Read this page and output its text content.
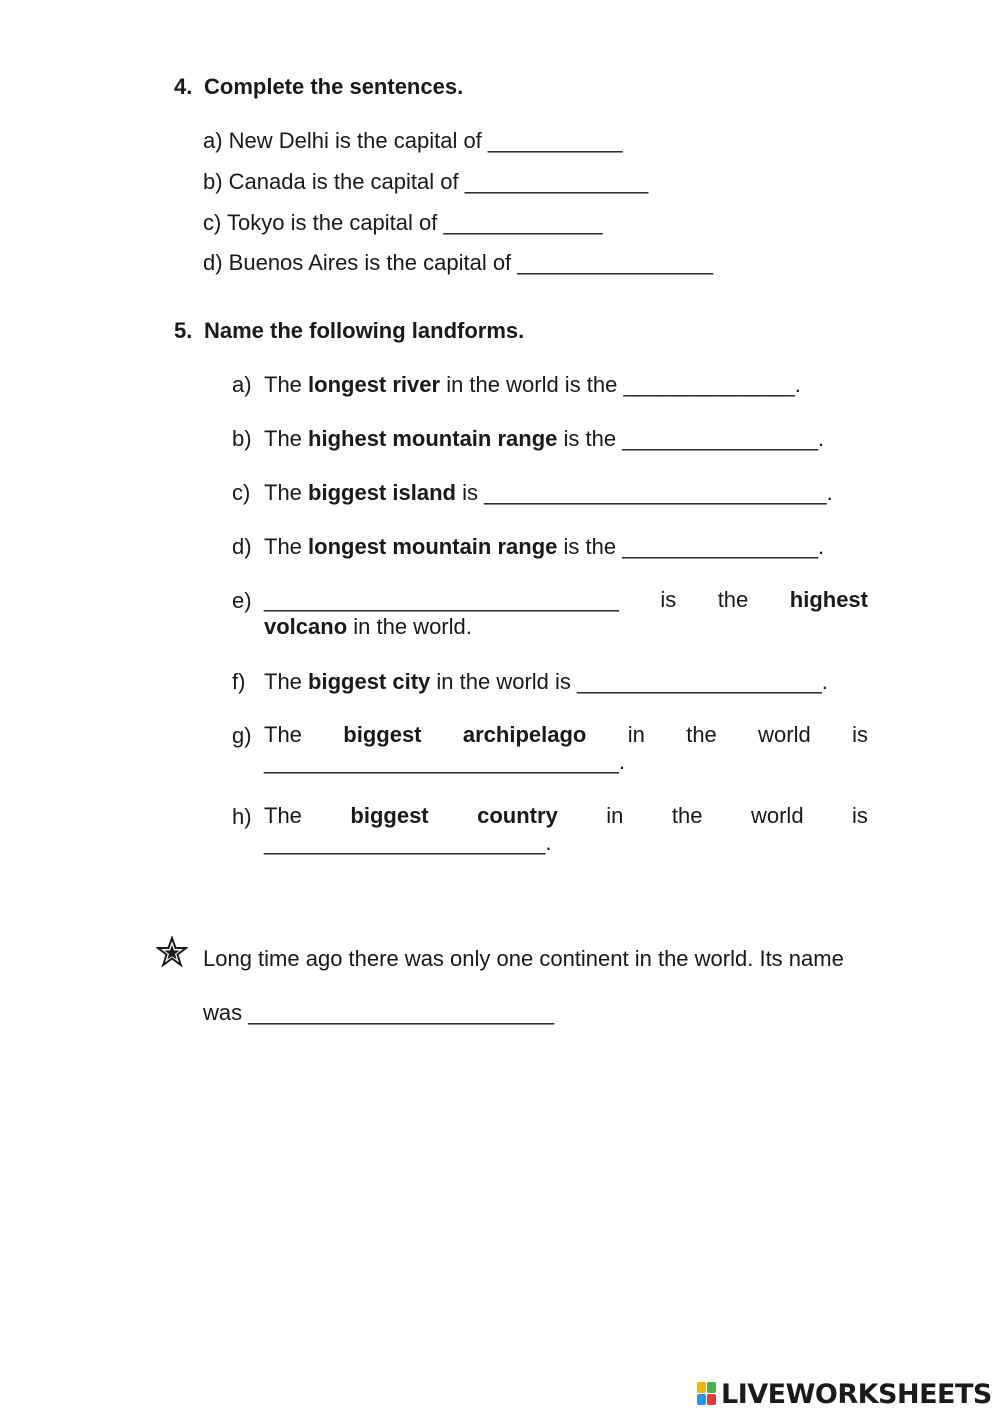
4. Complete the sentences.
a) New Delhi is the capital of ___________
b) Canada is the capital of _______________
c) Tokyo is the capital of _____________
d) Buenos Aires is the capital of ________________
5. Name the following landforms.
a) The longest river in the world is the ______________.
b) The highest mountain range is the ________________.
c) The biggest island is ____________________________.
d) The longest mountain range is the ________________.
e) _____________________________ is the highest
volcano in the world.
f) The biggest city in the world is ____________________.
g) The biggest archipelago in the world is
_____________________________.
h) The biggest country in the world is
_______________________.
Long time ago there was only one continent in the world. Its name
was _________________________
LIVEWORKSHEETS
